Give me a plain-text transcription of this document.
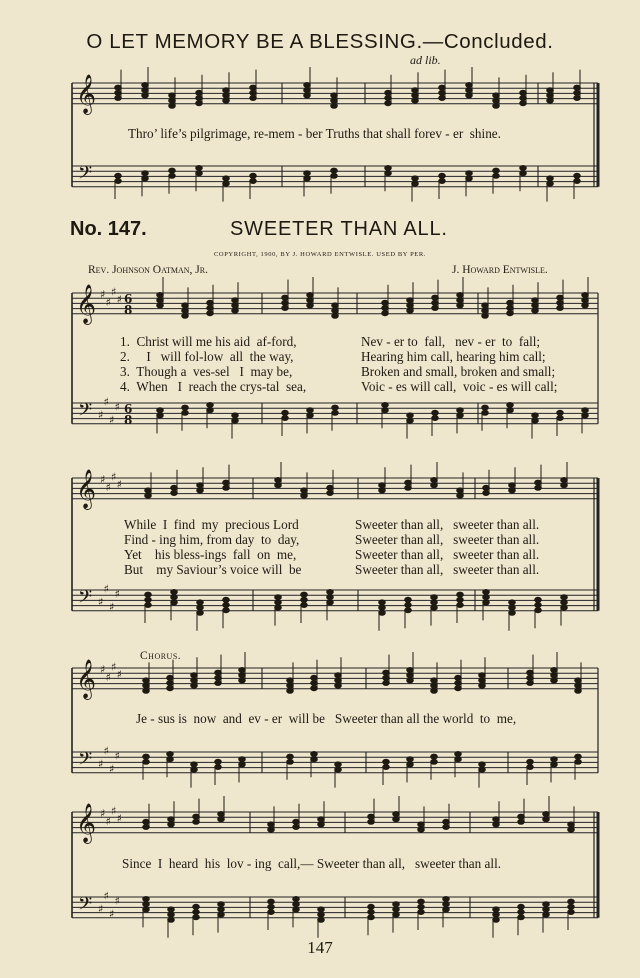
O LET MEMORY BE A BLESSING.—Concluded.
ad lib.
𝄞
𝄢
𝄞
𝄢
♯
♯
♯
♯
♯
♯
♯
♯
6
8
6
8
𝄞
𝄢
♯
♯
♯
♯
♯
♯
♯
♯
𝄞
𝄢
♯
♯
♯
♯
♯
♯
♯
♯
𝄞
𝄢
♯
♯
♯
♯
♯
♯
♯
♯
Thro’ life’s pilgrimage, re-mem - ber Truths that shall forev - er  shine.
No. 147.	SWEETER THAN ALL.
COPYRIGHT, 1900, BY J. HOWARD ENTWISLE. USED BY PER.
Rev. Johnson Oatman, Jr.	J. Howard Entwisle.
1.  Christ will me his aid  af-ford,
2.     I   will fol-low  all  the way,
3.  Though a  ves-sel   I  may be,
4.  When   I  reach the crys-tal  sea,
Nev - er to  fall,   nev - er  to  fall;
Hearing him call, hearing him call;
Broken and small, broken and small;
Voic - es will call,  voic - es will call;
While  I  find  my  precious Lord
Find - ing him, from day  to  day,
Yet    his bless-ings  fall  on  me,
But    my Saviour’s voice will  be
Sweeter than all,   sweeter than all.
Sweeter than all,   sweeter than all.
Sweeter than all,   sweeter than all.
Sweeter than all,   sweeter than all.
Chorus.
Je - sus is  now  and  ev - er  will be   Sweeter than all the world  to  me,
Since  I  heard  his  lov - ing  call,— Sweeter than all,   sweeter than all.
147
